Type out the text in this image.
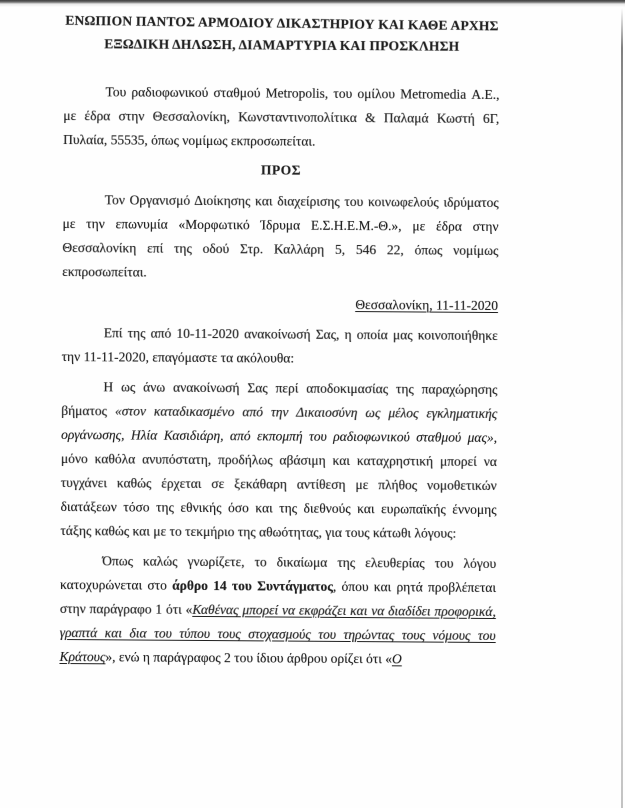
ΕΝΩΠΙΟΝ ΠΑΝΤΟΣ ΑΡΜΟΔΙΟΥ ΔΙΚΑΣΤΗΡΙΟΥ ΚΑΙ ΚΑΘΕ ΑΡΧΗΣ

ΕΞΩΔΙΚΗ ΔΗΛΩΣΗ, ΔΙΑΜΑΡΤΥΡΙΑ ΚΑΙ ΠΡΟΣΚΛΗΣΗ

Του ραδιοφωνικού σταθμού Metropolis, του ομίλου Metromedia Α.Ε., με έδρα στην Θεσσαλονίκη, Κωνσταντινοπολίτικα & Παλαμά Κωστή 6Γ, Πυλαία, 55535, όπως νομίμως εκπροσωπείται.

ΠΡΟΣ

Τον Οργανισμό Διοίκησης και διαχείρισης του κοινωφελούς ιδρύματος με την επωνυμία «Μορφωτικό Ίδρυμα Ε.Σ.Η.Ε.Μ.-Θ.», με έδρα στην Θεσσαλονίκη επί της οδού Στρ. Καλλάρη 5, 546 22, όπως νομίμως εκπροσωπείται.

Θεσσαλονίκη, 11-11-2020

Επί της από 10-11-2020 ανακοίνωσή Σας, η οποία μας κοινοποιήθηκε την 11-11-2020, επαγόμαστε τα ακόλουθα:

Η ως άνω ανακοίνωσή Σας περί αποδοκιμασίας της παραχώρησης βήματος «στον καταδικασμένο από την Δικαιοσύνη ως μέλος εγκληματικής οργάνωσης, Ηλία Κασιδιάρη, από εκπομπή του ραδιοφωνικού σταθμού μας», μόνο καθόλα ανυπόστατη, προδήλως αβάσιμη και καταχρηστική μπορεί να τυγχάνει καθώς έρχεται σε ξεκάθαρη αντίθεση με πλήθος νομοθετικών διατάξεων τόσο της εθνικής όσο και της διεθνούς και ευρωπαϊκής έννομης τάξης καθώς και με το τεκμήριο της αθωότητας, για τους κάτωθι λόγους:

Όπως καλώς γνωρίζετε, το δικαίωμα της ελευθερίας του λόγου κατοχυρώνεται στο άρθρο 14 του Συντάγματος, όπου και ρητά προβλέπεται στην παράγραφο 1 ότι «Καθένας μπορεί να εκφράζει και να διαδίδει προφορικά, γραπτά και δια του τύπου τους στοχασμούς του τηρώντας τους νόμους του Κράτους», ενώ η παράγραφος 2 του ίδιου άρθρου ορίζει ότι «Ο
